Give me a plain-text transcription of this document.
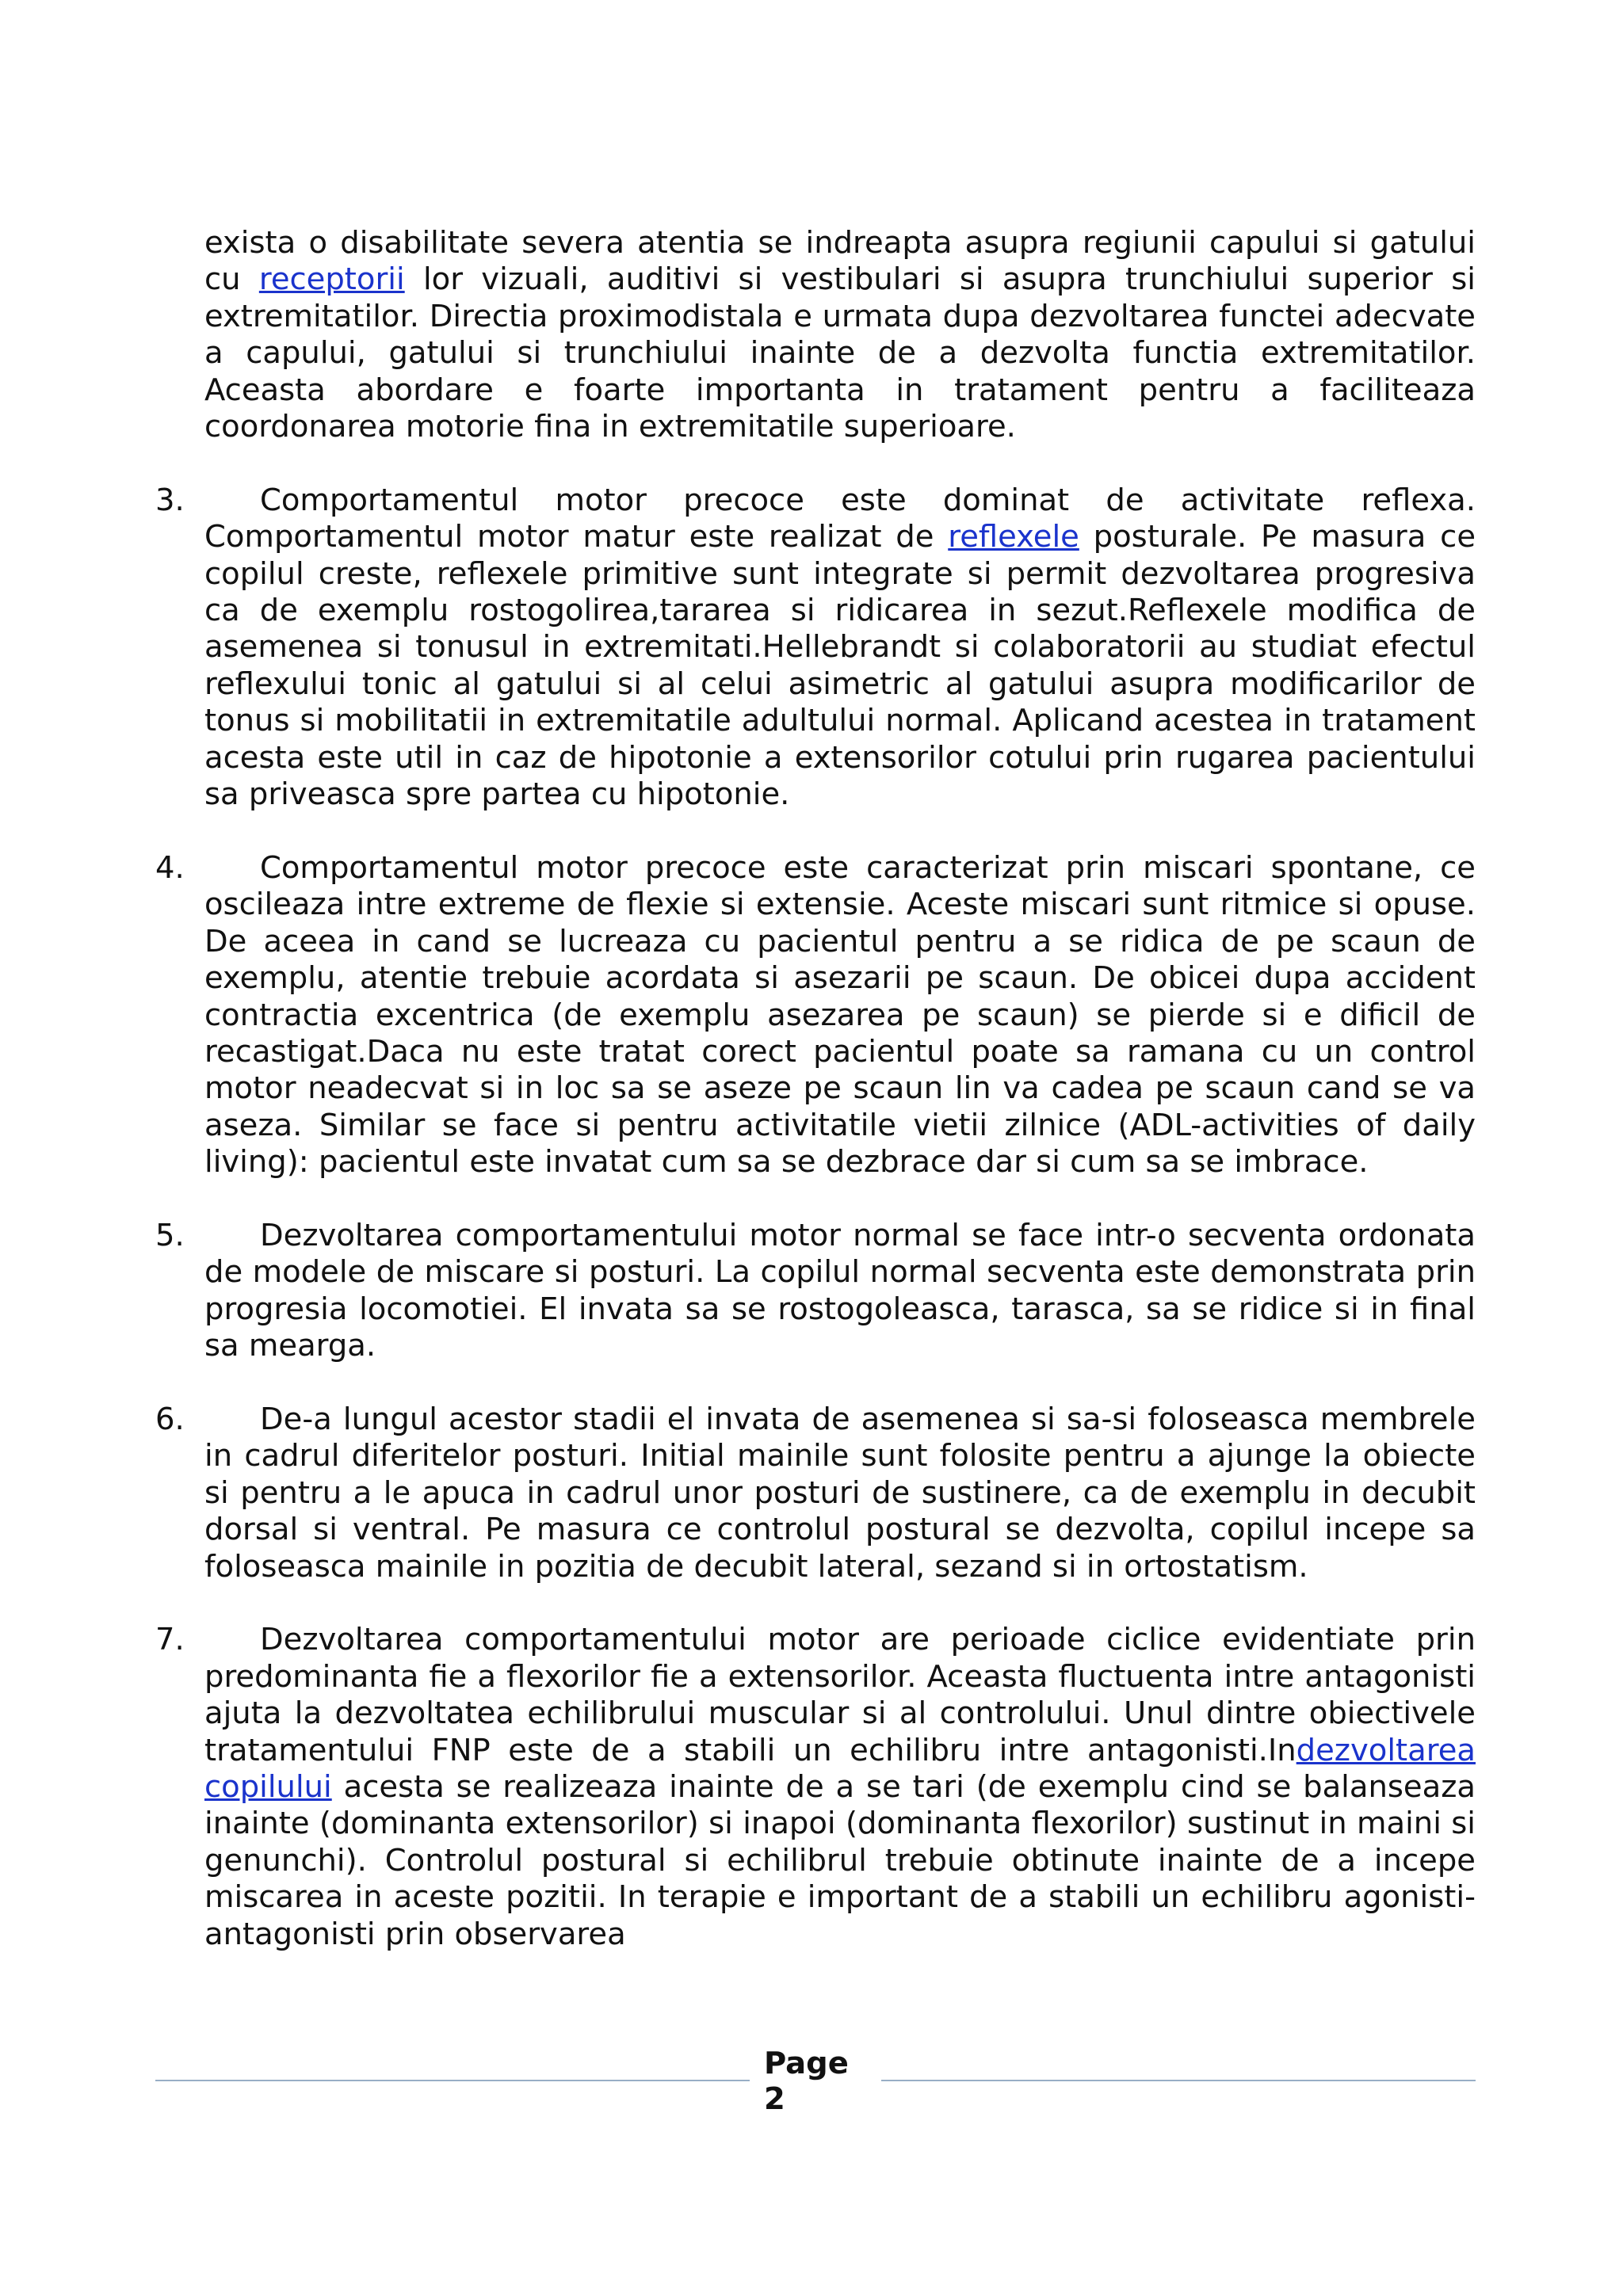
exista o disabilitate severa atentia se indreapta asupra regiunii capului si gatului cu receptorii lor vizuali, auditivi si vestibulari si asupra trunchiului superior si extremitatilor. Directia proximodistala e urmata dupa dezvoltarea functei adecvate a capului, gatului si trunchiului inainte de a dezvolta functia extremitatilor. Aceasta abordare e foarte importanta in tratament pentru a faciliteaza coordonarea motorie fina in extremitatile superioare.

3.	Comportamentul motor precoce este dominat de activitate reflexa. Comportamentul motor matur este realizat de reflexele posturale. Pe masura ce copilul creste, reflexele primitive sunt integrate si permit dezvoltarea progresiva ca de exemplu rostogolirea,tararea si ridicarea in sezut.Reflexele modifica de asemenea si tonusul in extremitati.Hellebrandt si colaboratorii au studiat efectul reflexului tonic al gatului si al celui asimetric al gatului asupra modificarilor de tonus si mobilitatii in extremitatile adultului normal. Aplicand acestea in tratament acesta este util in caz de hipotonie a extensorilor cotului prin rugarea pacientului sa priveasca spre partea cu hipotonie.

4.	Comportamentul motor precoce este caracterizat prin miscari spontane, ce oscileaza intre extreme de flexie si extensie. Aceste miscari sunt ritmice si opuse. De aceea in cand se lucreaza cu pacientul pentru a se ridica de pe scaun de exemplu, atentie trebuie acordata si asezarii pe scaun. De obicei dupa accident contractia excentrica (de exemplu asezarea pe scaun) se pierde si e dificil de recastigat.Daca nu este tratat corect pacientul poate sa ramana cu un control motor neadecvat si in loc sa se aseze pe scaun lin va cadea pe scaun cand se va aseza. Similar se face si pentru activitatile vietii zilnice (ADL-activities of daily living): pacientul este invatat cum sa se dezbrace dar si cum sa se imbrace.

5.	Dezvoltarea comportamentului motor normal se face intr-o secventa ordonata de modele de miscare si posturi. La copilul normal secventa este demonstrata prin progresia locomotiei. El invata sa se rostogoleasca, tarasca, sa se ridice si in final sa mearga.

6.	De-a lungul acestor stadii el invata de asemenea si sa-si foloseasca membrele in cadrul diferitelor posturi. Initial mainile sunt folosite pentru a ajunge la obiecte si pentru a le apuca in cadrul unor posturi de sustinere, ca de exemplu in decubit dorsal si ventral. Pe masura ce controlul postural se dezvolta, copilul incepe sa foloseasca mainile in pozitia de decubit lateral, sezand si in ortostatism.

7.	Dezvoltarea comportamentului motor are perioade ciclice evidentiate prin predominanta fie a flexorilor fie a extensorilor. Aceasta fluctuenta intre antagonisti ajuta la dezvoltatea echilibrului muscular si al controlului. Unul dintre obiectivele tratamentului FNP este de a stabili un echilibru intre antagonisti.Indezvoltarea copilului acesta se realizeaza inainte de a se tari (de exemplu cind se balanseaza inainte (dominanta extensorilor) si inapoi (dominanta flexorilor) sustinut in maini si genunchi). Controlul postural si echilibrul trebuie obtinute inainte de a incepe miscarea in aceste pozitii. In terapie e important de a stabili un echilibru agonisti-antagonisti prin observarea

Page
2
